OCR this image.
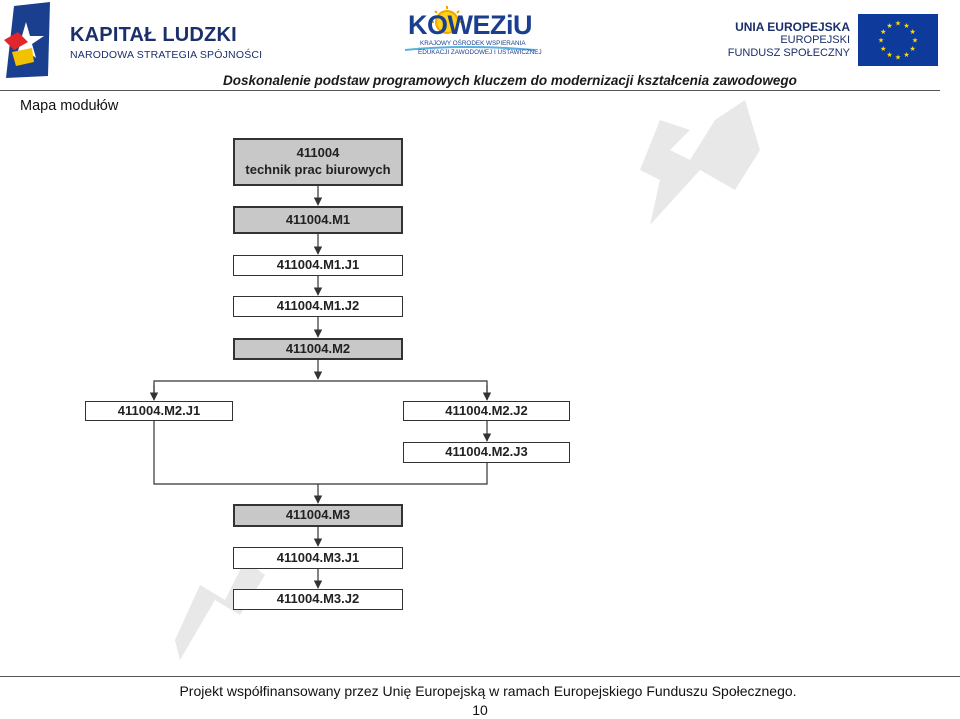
KAPITAŁ LUDZKI
NARODOWA STRATEGIA SPÓJNOŚCI
KOWEZiU
KRAJOWY OŚRODEK WSPIERANIA
EDUKACJI ZAWODOWEJ I USTAWICZNEJ
UNIA EUROPEJSKA
EUROPEJSKI
FUNDUSZ SPOŁECZNY
★
★
★
★
★
★
★
★
★ ★ ★
★
Doskonalenie podstaw programowych kluczem do modernizacji kształcenia zawodowego
Mapa modułów
411004
technik prac biurowych
411004.M1
411004.M1.J1
411004.M1.J2
411004.M2
411004.M2.J1	411004.M2.J2
411004.M2.J3
411004.M3
411004.M3.J1
411004.M3.J2
Projekt współfinansowany przez Unię Europejską w ramach Europejskiego Funduszu Społecznego.
10
